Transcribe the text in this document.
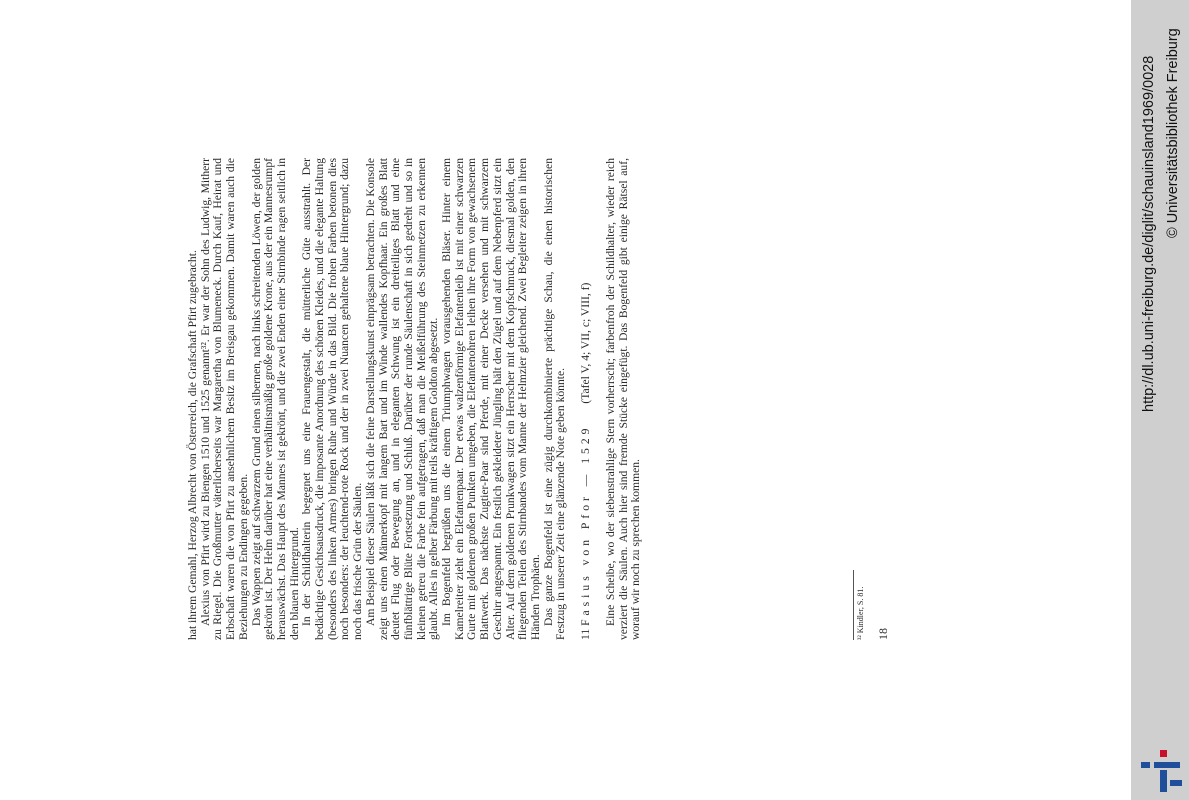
hat ihrem Gemahl, Herzog Albrecht von Österreich, die Grafschaft Pfirt zugebracht. Alexius von Pfirt wird zu Biengen 1510 und 1525 genannt³². Er war der Sohn des Ludwig, Mitherr zu Riegel. Die Großmutter väterlicherseits war Margaretha von Blumeneck. Durch Kauf, Heirat und Erbschaft waren die von Pfirt zu ansehnlichem Besitz im Breisgau gekommen. Damit waren auch die Beziehungen zu Endingen gegeben. Das Wappen zeigt auf schwarzem Grund einen silbernen, nach links schreitenden Löwen, der golden gekrönt ist. Der Helm darüber hat eine verhältnismäßig große goldene Krone, aus der ein Mannesrumpf herauswächst. Das Haupt des Mannes ist gekrönt, und die zwei Enden einer Stirnbinde ragen seitlich in den blauen Hintergrund. In der Schildhalterin begegnet uns eine Frauengestalt, die mütterliche Güte ausstrahlt. Der bedächtige Gesichtsausdruck, die imposante Anordnung des schönen Kleides, und die elegante Haltung (besonders des linken Armes) bringen Ruhe und Würde in das Bild. Die frohen Farben betonen dies noch besonders: der leuchtend-rote Rock und der in zwei Nuancen gehaltene blaue Hintergrund; dazu noch das frische Grün der Säulen. Am Beispiel dieser Säulen läßt sich die feine Darstellungskunst einprägsam betrachten. Die Konsole zeigt uns einen Männerkopf mit langem Bart und im Winde wallendes Kopfhaar. Ein großes Blatt deutet Flug oder Bewegung an, und in eleganten Schwung ist ein dreiteiliges Blatt und eine fünfblättrige Blüte Fortsetzung und Schluß. Darüber der runde Säulenschaft in sich gedreht und so in kleinen getreu die Farbe fein aufgetragen, daß man die Meißelführung des Steinmetzen zu erkennen glaubt. Alles in gelber Färbung mit teils kräftigem Goldton abgesetzt. Im Bogenfeld begrüßen uns die einem Triumphwagen vorausgehenden Bläser. Hinter einem Kamelreiter zieht ein Elefantenpaar. Der etwas walzenförmige Elefantenleib ist mit einer schwarzen Gurte mit goldenen großen Punkten umgeben, die Elefantenohren leihen ihre Form von gewachsenem Blattwerk. Das nächste Zugtier-Paar sind Pferde, mit einer Decke versehen und mit schwarzem Geschirr angespannt. Ein festlich gekleideter Jüngling hält den Zügel und auf dem Nebenpferd sitzt ein Alter. Auf dem goldenen Prunkwagen sitzt ein Herrscher mit dem Kopfschmuck, diesmal golden, den fliegenden Teilen des Stirnbandes vom Manne der Helmzier gleichend. Zwei Begleiter zeigen in ihren Händen Trophäen. Das ganze Bogenfeld ist eine zügig durchkombinierte prächtige Schau, die einen historischen Festzug in unserer Zeit eine glänzende Note geben könnte. 11 Fasius von Pfor — 1529 (Tafel V, 4; VII, c; VIII, f) Eine Scheibe, wo der siebenstrahlige Stern vorherrscht; farbenfroh der Schildhalter, wieder reich verziert die Säulen. Auch hier sind fremde Stücke eingefügt. Das Bogenfeld gibt einige Rätsel auf, worauf wir noch zu sprechen kommen.	³² Kindler, S. 81. 18
http://dl.ub.uni-freiburg.de/diglit/schauinsland1969/0028 © Universitätsbibliothek Freiburg
